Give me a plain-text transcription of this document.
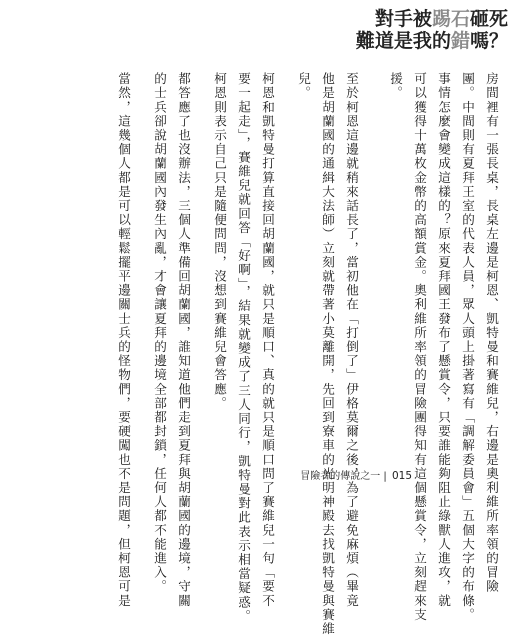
對手被踢石砸死
難道是我的錯嗎？
房間裡有一張長桌，長桌左邊是柯恩、凱特曼和賽維兒，右邊是奧利維所率領的冒險
團。中間則有夏拜王室的代表人員，眾人頭上掛著寫有「調解委員會」五個大字的布條。
事情怎麼會變成這樣的？原來夏拜國王發布了懸賞令，只要誰能夠阻止綠獸人進攻，就
可以獲得十萬枚金幣的高額賞金。奧利維所率領的冒險團得知有這個懸賞令，立刻趕來支
援。
至於柯恩這邊就稍來話長了，當初他在「打倒了」伊格莫爾之後，為了避免麻煩（畢竟
他是胡蘭國的通緝大法師）立刻就帶著小莫離開，先回到寮車的光明神殿去找凱特曼與賽維
兒。
柯恩和凱特曼打算直接回胡蘭國，就只是順口、真的就只是順口問了賽維兒一句「要不
要一起走」，賽維兒就回答「好啊」，結果就變成了三人同行，凱特曼對此表示相當疑惑。
柯恩則表示自己只是隨便問問，沒想到賽維兒會答應。
都答應了也沒辦法，三個人準備回胡蘭國，誰知道他們走到夏拜與胡蘭國的邊境，守關
的士兵卻說胡蘭國內發生內亂，才會讓夏拜的邊境全部都封鎖，任何人都不能進入。
當然，這幾個人都是可以輕鬆擺平邊關士兵的怪物們，要硬闖也不是問題，但柯恩可是	冒險者的傳說之一 | 015
